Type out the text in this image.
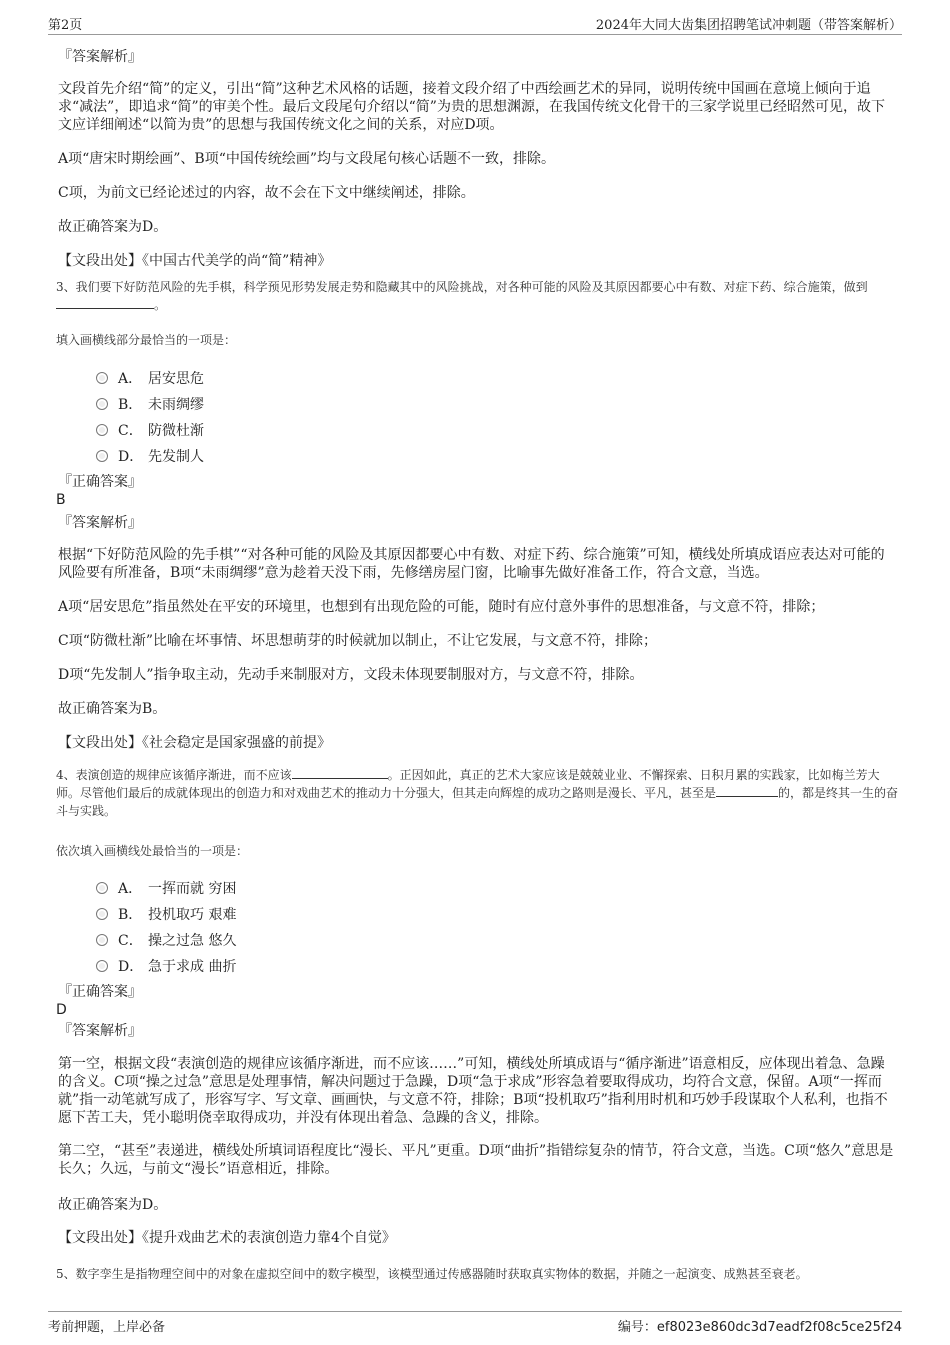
第2页	2024年大同大齿集团招聘笔试冲刺题（带答案解析）
『答案解析』
文段首先介绍“简”的定义，引出“简”这种艺术风格的话题，接着文段介绍了中西绘画艺术的异同，说明传统中国画在意境上倾向于追求“减法”，即追求“简”的审美个性。最后文段尾句介绍以“简”为贵的思想渊源，在我国传统文化骨干的三家学说里已经昭然可见，故下文应详细阐述“以简为贵”的思想与我国传统文化之间的关系，对应D项。
A项“唐宋时期绘画”、B项“中国传统绘画”均与文段尾句核心话题不一致，排除。
C项，为前文已经论述过的内容，故不会在下文中继续阐述，排除。
故正确答案为D。
【文段出处】《中国古代美学的尚“简”精神》
3、我们要下好防范风险的先手棋，科学预见形势发展走势和隐藏其中的风险挑战，对各种可能的风险及其原因都要心中有数、对症下药、综合施策，做到。
填入画横线部分最恰当的一项是：
A． 居安思危
B． 未雨绸缪
C． 防微杜渐
D． 先发制人
『正确答案』
B
『答案解析』
根据“下好防范风险的先手棋”“对各种可能的风险及其原因都要心中有数、对症下药、综合施策”可知，横线处所填成语应表达对可能的风险要有所准备，B项“未雨绸缪”意为趁着天没下雨，先修缮房屋门窗，比喻事先做好准备工作，符合文意，当选。
A项“居安思危”指虽然处在平安的环境里，也想到有出现危险的可能，随时有应付意外事件的思想准备，与文意不符，排除；
C项“防微杜渐”比喻在坏事情、坏思想萌芽的时候就加以制止，不让它发展，与文意不符，排除；
D项“先发制人”指争取主动，先动手来制服对方，文段未体现要制服对方，与文意不符，排除。
故正确答案为B。
【文段出处】《社会稳定是国家强盛的前提》
4、表演创造的规律应该循序渐进，而不应该	。正因如此，真正的艺术大家应该是兢兢业业、不懈探索、日积月累的实践家，比如梅兰芳大师。尽管他们最后的成就体现出的创造力和对戏曲艺术的推动力十分强大，但其走向辉煌的成功之路则是漫长、平凡，甚至是	的，都是终其一生的奋斗与实践。
依次填入画横线处最恰当的一项是：
A． 一挥而就 穷困
B． 投机取巧 艰难
C． 操之过急 悠久
D． 急于求成 曲折
『正确答案』
D
『答案解析』
第一空，根据文段“表演创造的规律应该循序渐进，而不应该……”可知，横线处所填成语与“循序渐进”语意相反，应体现出着急、急躁的含义。C项“操之过急”意思是处理事情，解决问题过于急躁，D项“急于求成”形容急着要取得成功，均符合文意，保留。A项“一挥而就”指一动笔就写成了，形容写字、写文章、画画快，与文意不符，排除；B项“投机取巧”指利用时机和巧妙手段谋取个人私利，也指不愿下苦工夫，凭小聪明侥幸取得成功，并没有体现出着急、急躁的含义，排除。
第二空，“甚至”表递进，横线处所填词语程度比“漫长、平凡”更重。D项“曲折”指错综复杂的情节，符合文意，当选。C项“悠久”意思是长久；久远，与前文“漫长”语意相近，排除。
故正确答案为D。
【文段出处】《提升戏曲艺术的表演创造力靠4个自觉》
5、数字孪生是指物理空间中的对象在虚拟空间中的数字模型，该模型通过传感器随时获取真实物体的数据，并随之一起演变、成熟甚至衰老。
考前押题，上岸必备	编号：ef8023e860dc3d7eadf2f08c5ce25f24
